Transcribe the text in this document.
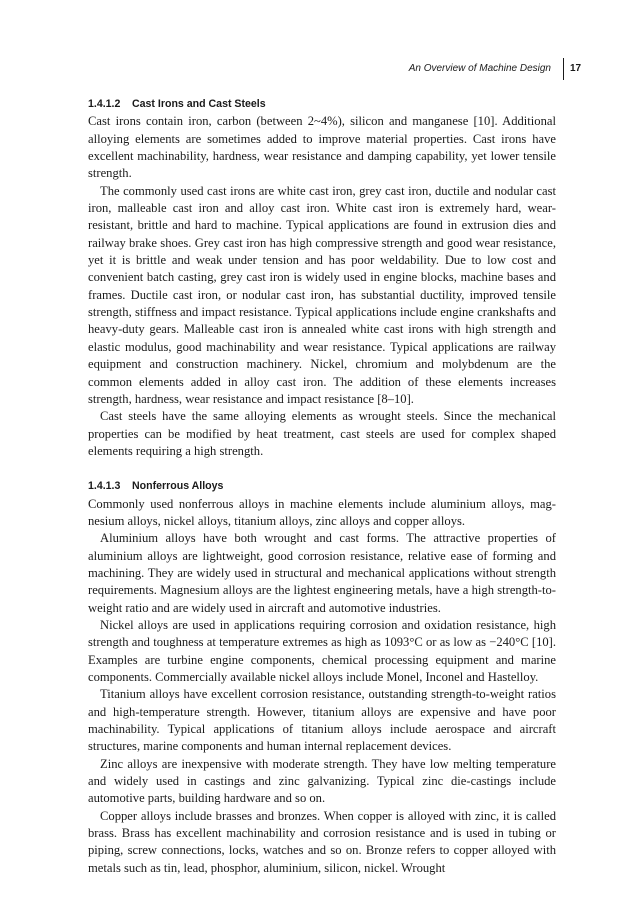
An Overview of Machine Design 17
1.4.1.2 Cast Irons and Cast Steels

Cast irons contain iron, carbon (between 2~4%), silicon and manganese [10]. Additional alloying elements are sometimes added to improve material properties. Cast irons have excellent machinability, hardness, wear resistance and damping capability, yet lower tensile strength.

The commonly used cast irons are white cast iron, grey cast iron, ductile and nodular cast iron, malleable cast iron and alloy cast iron. White cast iron is extremely hard, wear-resistant, brittle and hard to machine. Typical applications are found in extrusion dies and railway brake shoes. Grey cast iron has high compressive strength and good wear resistance, yet it is brittle and weak under tension and has poor weldability. Due to low cost and convenient batch casting, grey cast iron is widely used in engine blocks, machine bases and frames. Ductile cast iron, or nodular cast iron, has substantial ductility, improved tensile strength, stiffness and impact resistance. Typical applications include engine crankshafts and heavy-duty gears. Malleable cast iron is annealed white cast irons with high strength and elastic modulus, good machinability and wear resistance. Typical applications are railway equipment and construction machinery. Nickel, chromium and molybdenum are the common elements added in alloy cast iron. The addition of these elements increases strength, hardness, wear resistance and impact resistance [8–10].

Cast steels have the same alloying elements as wrought steels. Since the mechanical properties can be modified by heat treatment, cast steels are used for complex shaped elements requiring a high strength.

1.4.1.3 Nonferrous Alloys

Commonly used nonferrous alloys in machine elements include aluminium alloys, magnesium alloys, nickel alloys, titanium alloys, zinc alloys and copper alloys.

Aluminium alloys have both wrought and cast forms. The attractive properties of aluminium alloys are lightweight, good corrosion resistance, relative ease of forming and machining. They are widely used in structural and mechanical applications without strength requirements. Magnesium alloys are the lightest engineering metals, have a high strength-to-weight ratio and are widely used in aircraft and automotive industries.

Nickel alloys are used in applications requiring corrosion and oxidation resistance, high strength and toughness at temperature extremes as high as 1093°C or as low as −240°C [10]. Examples are turbine engine components, chemical processing equipment and marine components. Commercially available nickel alloys include Monel, Inconel and Hastelloy.

Titanium alloys have excellent corrosion resistance, outstanding strength-to-weight ratios and high-temperature strength. However, titanium alloys are expensive and have poor machinability. Typical applications of titanium alloys include aerospace and aircraft structures, marine components and human internal replacement devices.

Zinc alloys are inexpensive with moderate strength. They have low melting temperature and widely used in castings and zinc galvanizing. Typical zinc die-castings include automotive parts, building hardware and so on.

Copper alloys include brasses and bronzes. When copper is alloyed with zinc, it is called brass. Brass has excellent machinability and corrosion resistance and is used in tubing or piping, screw connections, locks, watches and so on. Bronze refers to copper alloyed with metals such as tin, lead, phosphor, aluminium, silicon, nickel. Wrought
